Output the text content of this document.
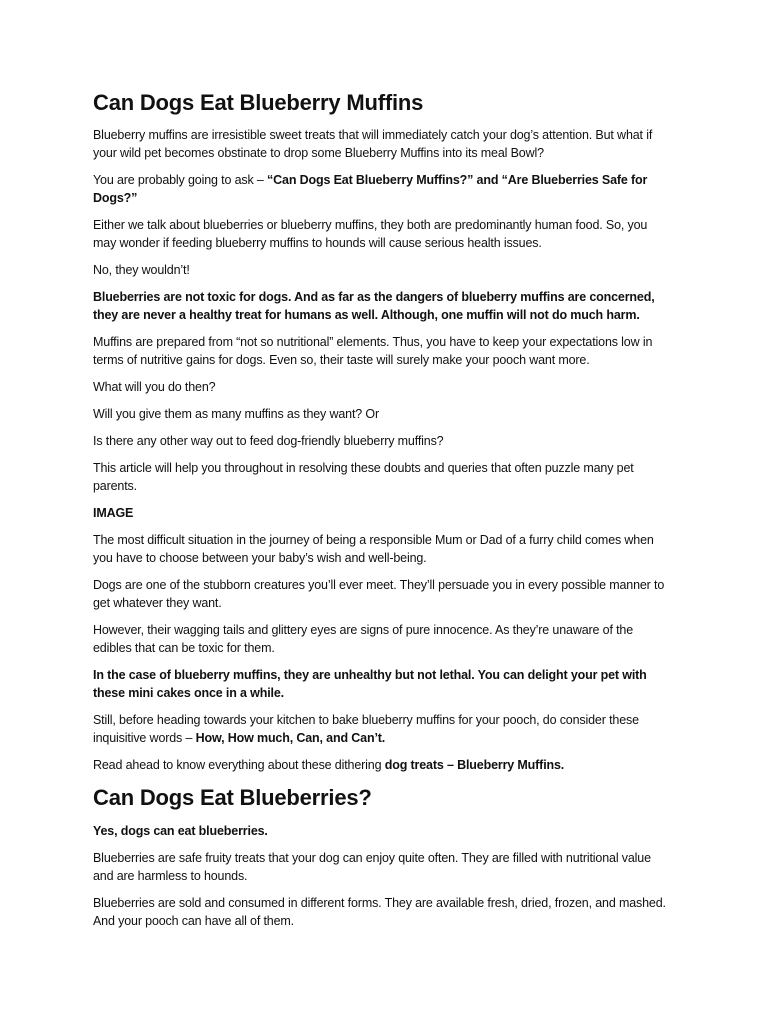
Can Dogs Eat Blueberry Muffins

Blueberry muffins are irresistible sweet treats that will immediately catch your dog’s attention. But what if your wild pet becomes obstinate to drop some Blueberry Muffins into its meal Bowl?

You are probably going to ask – “Can Dogs Eat Blueberry Muffins?” and “Are Blueberries Safe for Dogs?”

Either we talk about blueberries or blueberry muffins, they both are predominantly human food. So, you may wonder if feeding blueberry muffins to hounds will cause serious health issues.

No, they wouldn’t!

Blueberries are not toxic for dogs. And as far as the dangers of blueberry muffins are concerned, they are never a healthy treat for humans as well. Although, one muffin will not do much harm.

Muffins are prepared from “not so nutritional” elements. Thus, you have to keep your expectations low in terms of nutritive gains for dogs. Even so, their taste will surely make your pooch want more.

What will you do then?

Will you give them as many muffins as they want? Or

Is there any other way out to feed dog-friendly blueberry muffins?

This article will help you throughout in resolving these doubts and queries that often puzzle many pet parents.

IMAGE

The most difficult situation in the journey of being a responsible Mum or Dad of a furry child comes when you have to choose between your baby’s wish and well-being.

Dogs are one of the stubborn creatures you’ll ever meet. They’ll persuade you in every possible manner to get whatever they want.

However, their wagging tails and glittery eyes are signs of pure innocence. As they’re unaware of the edibles that can be toxic for them.

In the case of blueberry muffins, they are unhealthy but not lethal. You can delight your pet with these mini cakes once in a while.

Still, before heading towards your kitchen to bake blueberry muffins for your pooch, do consider these inquisitive words – How, How much, Can, and Can’t.

Read ahead to know everything about these dithering dog treats – Blueberry Muffins.

Can Dogs Eat Blueberries?

Yes, dogs can eat blueberries.

Blueberries are safe fruity treats that your dog can enjoy quite often. They are filled with nutritional value and are harmless to hounds.

Blueberries are sold and consumed in different forms. They are available fresh, dried, frozen, and mashed. And your pooch can have all of them.
